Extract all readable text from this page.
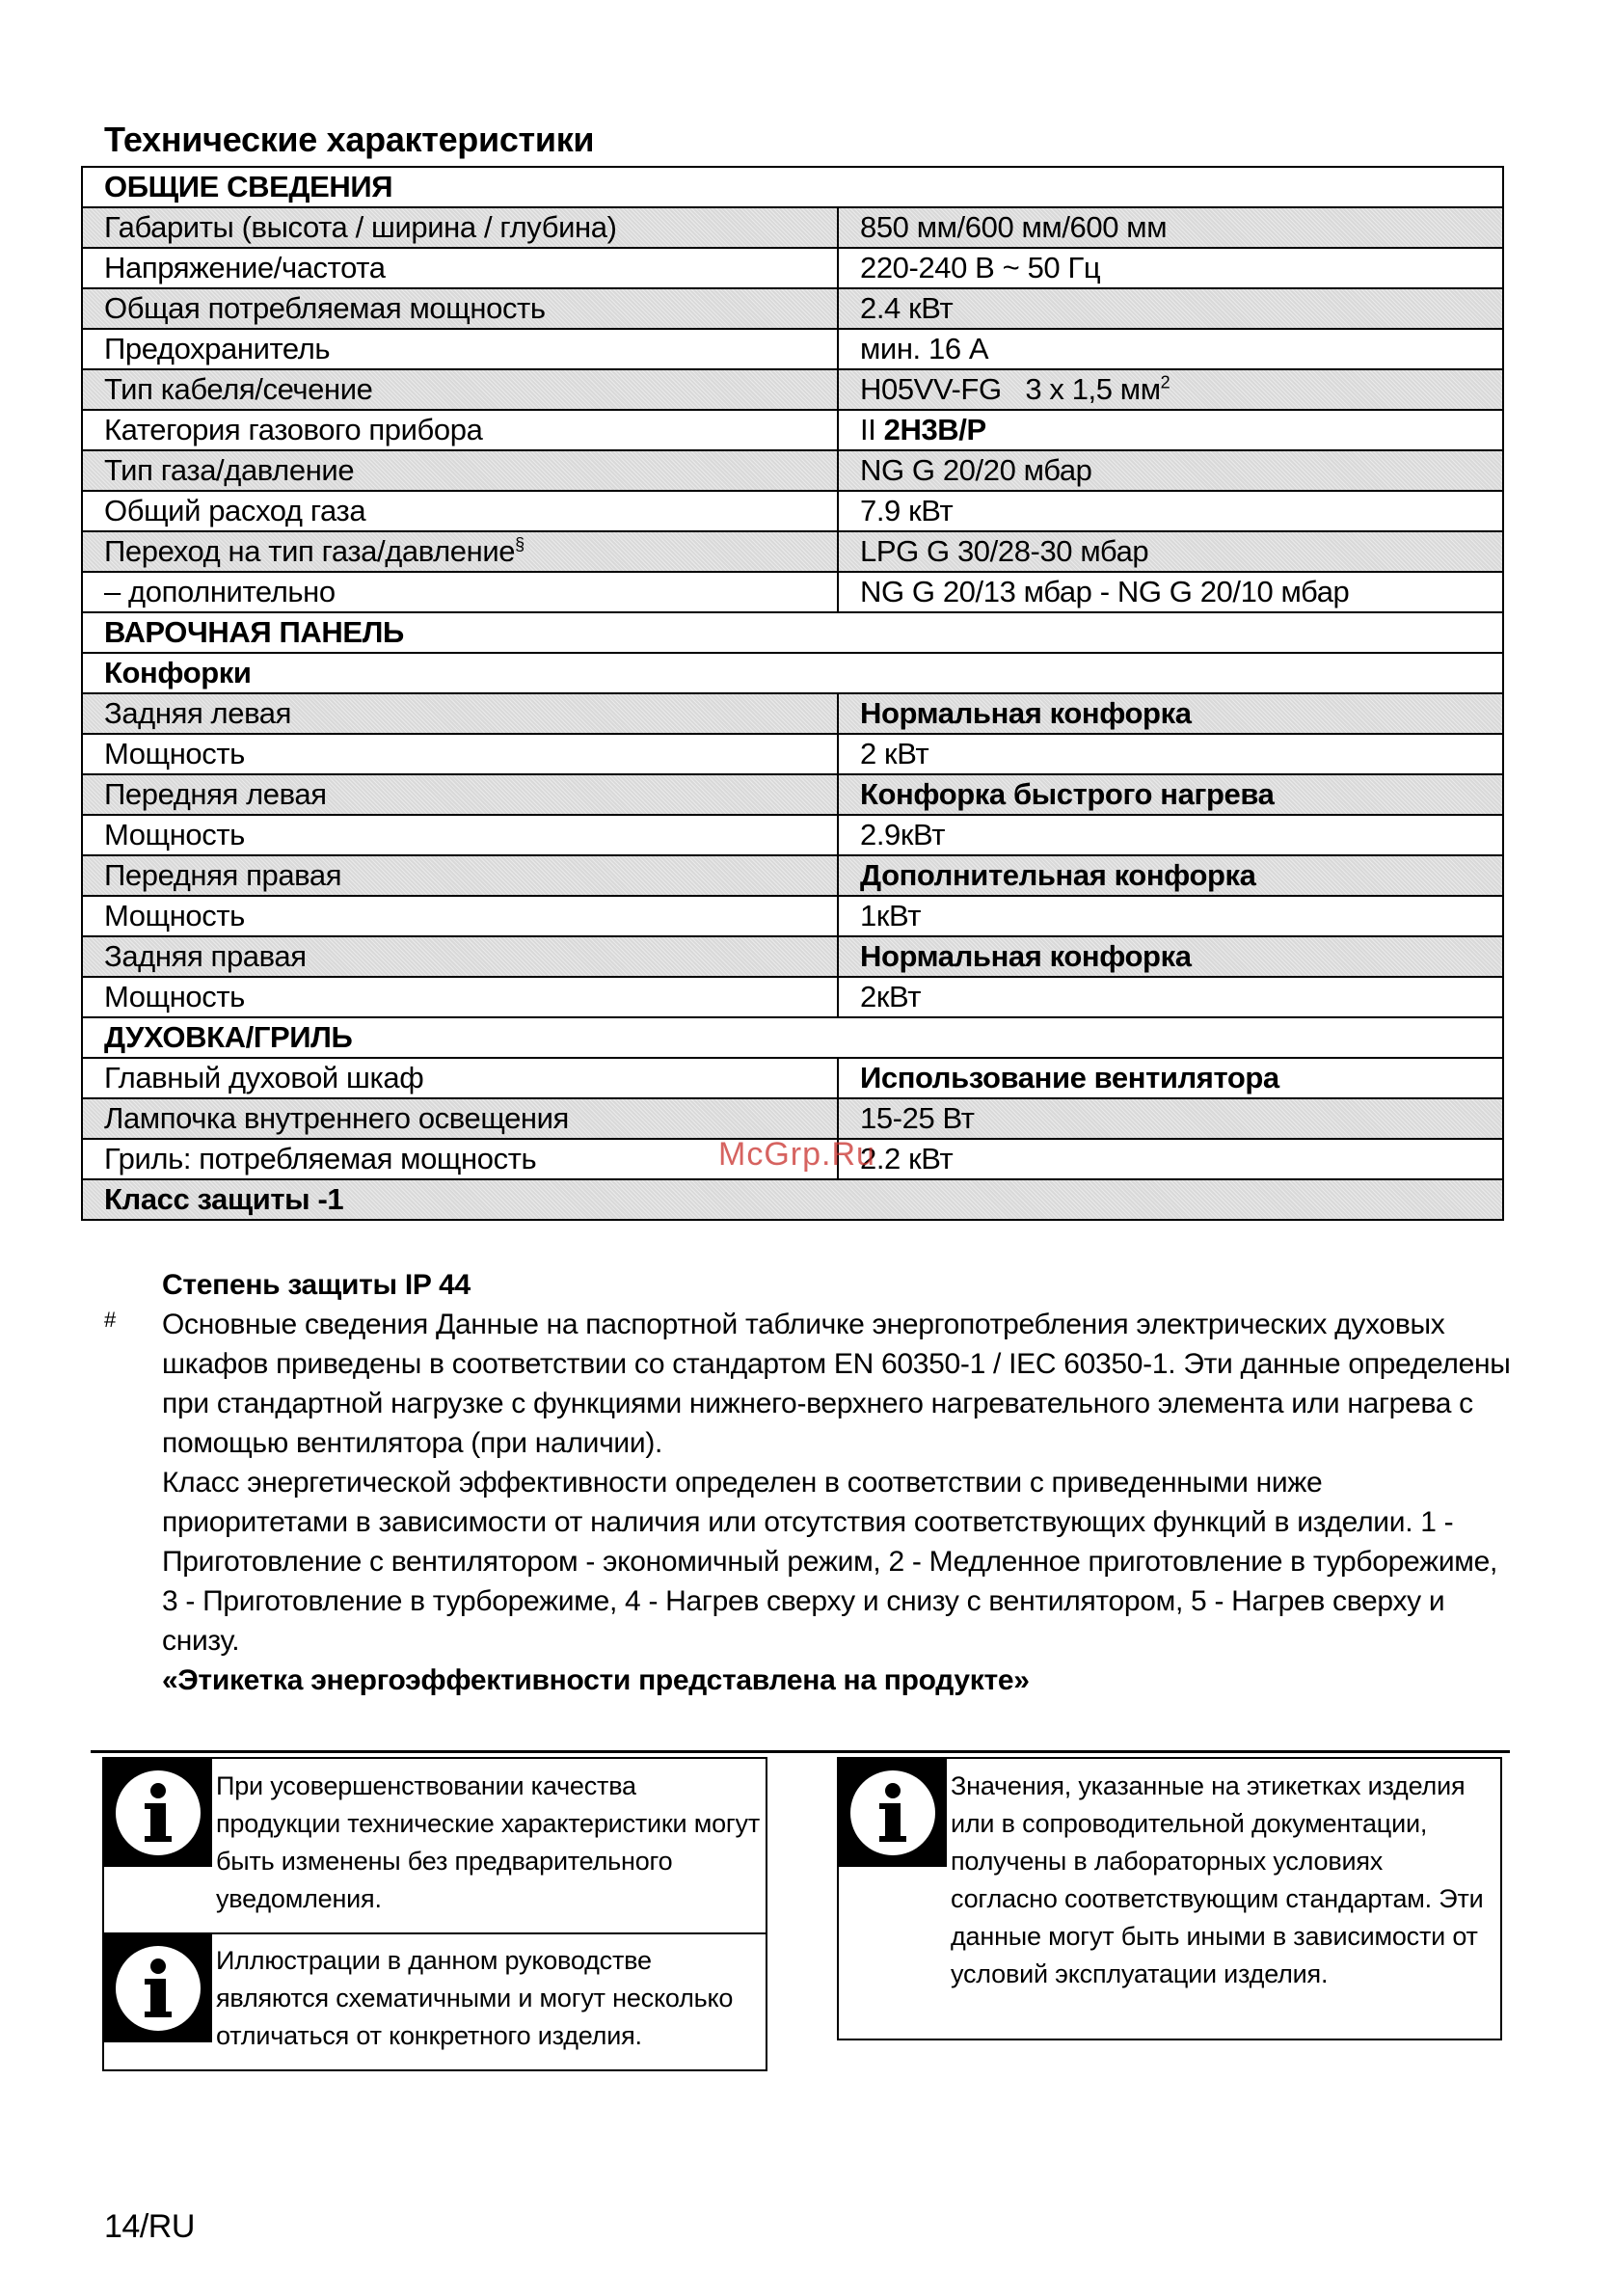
Технические характеристики
ОБЩИЕ СВЕДЕНИЯ	
Габариты (высота / ширина / глубина)	850 мм/600 мм/600 мм
Напряжение/частота	220-240 В ~ 50 Гц
Общая потребляемая мощность	2.4 кВт
Предохранитель	мин. 16 А
Тип кабеля/сечение	H05VV-FG   3 x 1,5 $мм^2$
Категория газового прибора	II 2H3B/P
Тип газа/давление	NG G 20/20 мбар
Общий расход газа	7.9 кВт
Переход на тип газа/давление§	LPG G 30/28-30 мбар
– дополнительно	NG G 20/13 мбар - NG G 20/10 мбар
ВАРОЧНАЯ ПАНЕЛЬ	
Конфорки	
Задняя левая	Нормальная конфорка
Мощность	2 кВт
Передняя левая	Конфорка быстрого нагрева
Мощность	2.9кВт
Передняя правая	Дополнительная конфорка
Мощность	1кВт
Задняя правая	Нормальная конфорка
Мощность	2кВт
ДУХОВКА/ГРИЛЬ	
Главный духовой шкаф	Использование вентилятора
Лампочка внутреннего освещения	15-25 Вт
Гриль: потребляемая мощность	2.2 кВт
Класс защиты -1	
McGrp.Ru
#

Степень защиты IP 44

Основные сведения Данные на паспортной табличке энергопотребления электрических духовых шкафов приведены в соответствии со стандартом EN 60350-1 / IEC 60350-1. Эти данные определены при стандартной нагрузке с функциями нижнего-верхнего нагревательного элемента или нагрева с помощью вентилятора (при наличии).

Класс энергетической эффективности определен в соответствии с приведенными ниже приоритетами в зависимости от наличия или отсутствия соответствующих функций в изделии. 1 - Приготовление с вентилятором - экономичный режим, 2 - Медленное приготовление в турборежиме, 3 - Приготовление в турборежиме, 4 - Нагрев сверху и снизу с вентилятором, 5 - Нагрев сверху и снизу.

«Этикетка энергоэффективности представлена на продукте»

При усовершенствовании качества продукции технические характеристики могут быть изменены без предварительного уведомления.
Иллюстрации в данном руководстве являются схематичными и могут несколько отличаться от конкретного изделия.
Значения, указанные на этикетках изделия или в сопроводительной документации, получены в лабораторных условиях согласно соответствующим стандартам. Эти данные могут быть иными в зависимости от условий эксплуатации изделия.
14/RU
